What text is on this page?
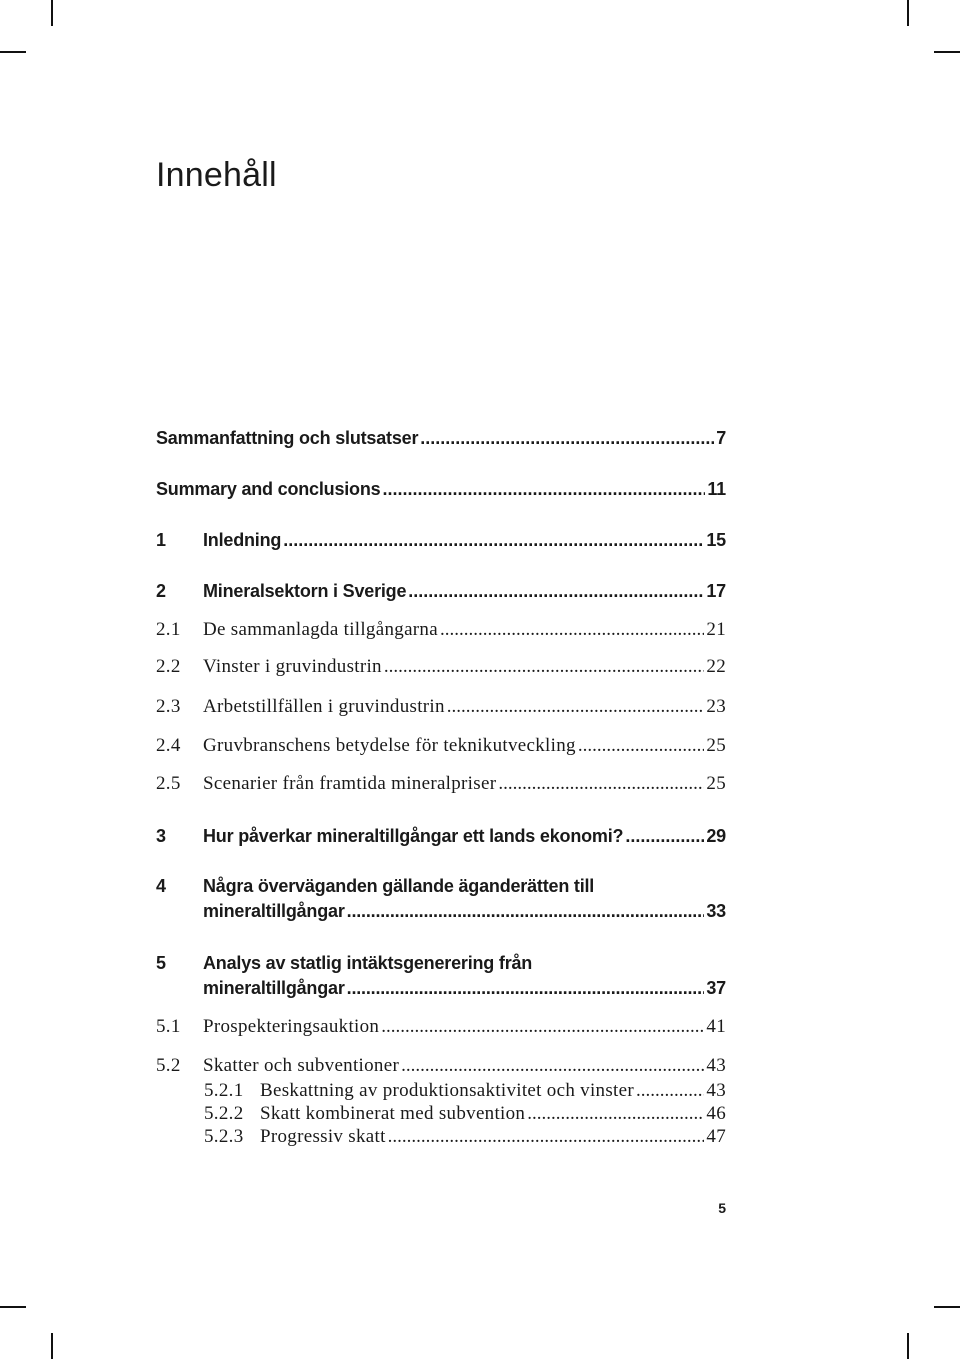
Innehåll
Sammanfattning och slutsatser .....	7
Summary and conclusions .....	11
1	Inledning .....	15
2	Mineralsektorn i Sverige .....	17
2.1	De sammanlagda tillgångarna .....	21
2.2	Vinster i gruvindustrin .....	22
2.3	Arbetstillfällen i gruvindustrin .....	23
2.4	Gruvbranschens betydelse för teknikutveckling .....	25
2.5	Scenarier från framtida mineralpriser .....	25
3	Hur påverkar mineraltillgångar ett lands ekonomi? .....	29
4	Några överväganden gällande äganderätten till
mineraltillgångar .....	33
5	Analys av statlig intäktsgenerering från
mineraltillgångar .....	37
5.1	Prospekteringsauktion .....	41
5.2	Skatter och subventioner .....	43
5.2.1 Beskattning av produktionsaktivitet och vinster .....	43
5.2.2 Skatt kombinerat med subvention .....	46
5.2.3 Progressiv skatt .....	47
5
